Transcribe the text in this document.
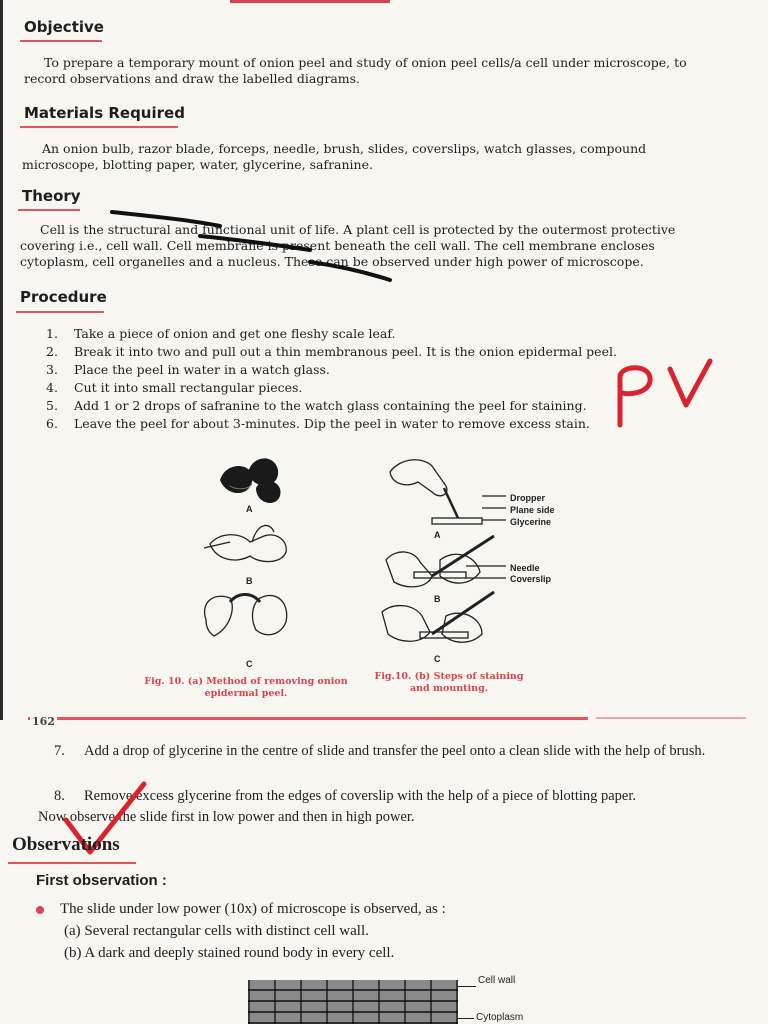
Objective

To prepare a temporary mount of onion peel and study of onion peel cells/a cell under microscope, to record observations and draw the labelled diagrams.

Materials Required

An onion bulb, razor blade, forceps, needle, brush, slides, coverslips, watch glasses, compound microscope, blotting paper, water, glycerine, safranine.

Theory

Cell is the structural and functional unit of life. A plant cell is protected by the outermost protective covering i.e., cell wall. Cell membrane is present beneath the cell wall. The cell membrane encloses cytoplasm, cell organelles and a nucleus. These can be observed under high power of microscope.

Procedure
1. Take a piece of onion and get one fleshy scale leaf.
2. Break it into two and pull out a thin membranous peel. It is the onion epidermal peel.
3. Place the peel in water in a watch glass.
4. Cut it into small rectangular pieces.
5. Add 1 or 2 drops of safranine to the watch glass containing the peel for staining.
6. Leave the peel for about 3-minutes. Dip the peel in water to remove excess stain.
A
B
C
Fig. 10. (a) Method of removing onion epidermal peel.
A
B
C
Dropper
Plane side
Glycerine
Needle
Coverslip
Fig.10. (b) Steps of staining and mounting.
162
7. Add a drop of glycerine in the centre of slide and transfer the peel onto a clean slide with the help of brush.
8. Remove excess glycerine from the edges of coverslip with the help of a piece of blotting paper.

Now observe the slide first in low power and then in high power.

Observations
First observation :
The slide under low power (10x) of microscope is observed, as :
(a) Several rectangular cells with distinct cell wall.
(b) A dark and deeply stained round body in every cell.
Cell wall
Cytoplasm
